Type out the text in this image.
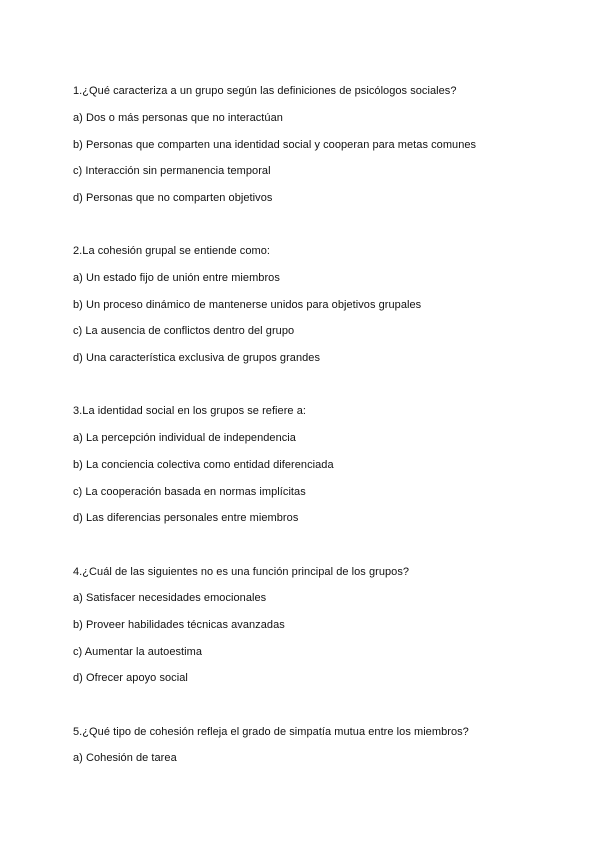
1.¿Qué caracteriza a un grupo según las definiciones de psicólogos sociales?
a) Dos o más personas que no interactúan
b) Personas que comparten una identidad social y cooperan para metas comunes
c) Interacción sin permanencia temporal
d) Personas que no comparten objetivos
2.La cohesión grupal se entiende como:
a) Un estado fijo de unión entre miembros
b) Un proceso dinámico de mantenerse unidos para objetivos grupales
c) La ausencia de conflictos dentro del grupo
d) Una característica exclusiva de grupos grandes
3.La identidad social en los grupos se refiere a:
a) La percepción individual de independencia
b) La conciencia colectiva como entidad diferenciada
c) La cooperación basada en normas implícitas
d) Las diferencias personales entre miembros
4.¿Cuál de las siguientes no es una función principal de los grupos?
a) Satisfacer necesidades emocionales
b) Proveer habilidades técnicas avanzadas
c) Aumentar la autoestima
d) Ofrecer apoyo social
5.¿Qué tipo de cohesión refleja el grado de simpatía mutua entre los miembros?
a) Cohesión de tarea
